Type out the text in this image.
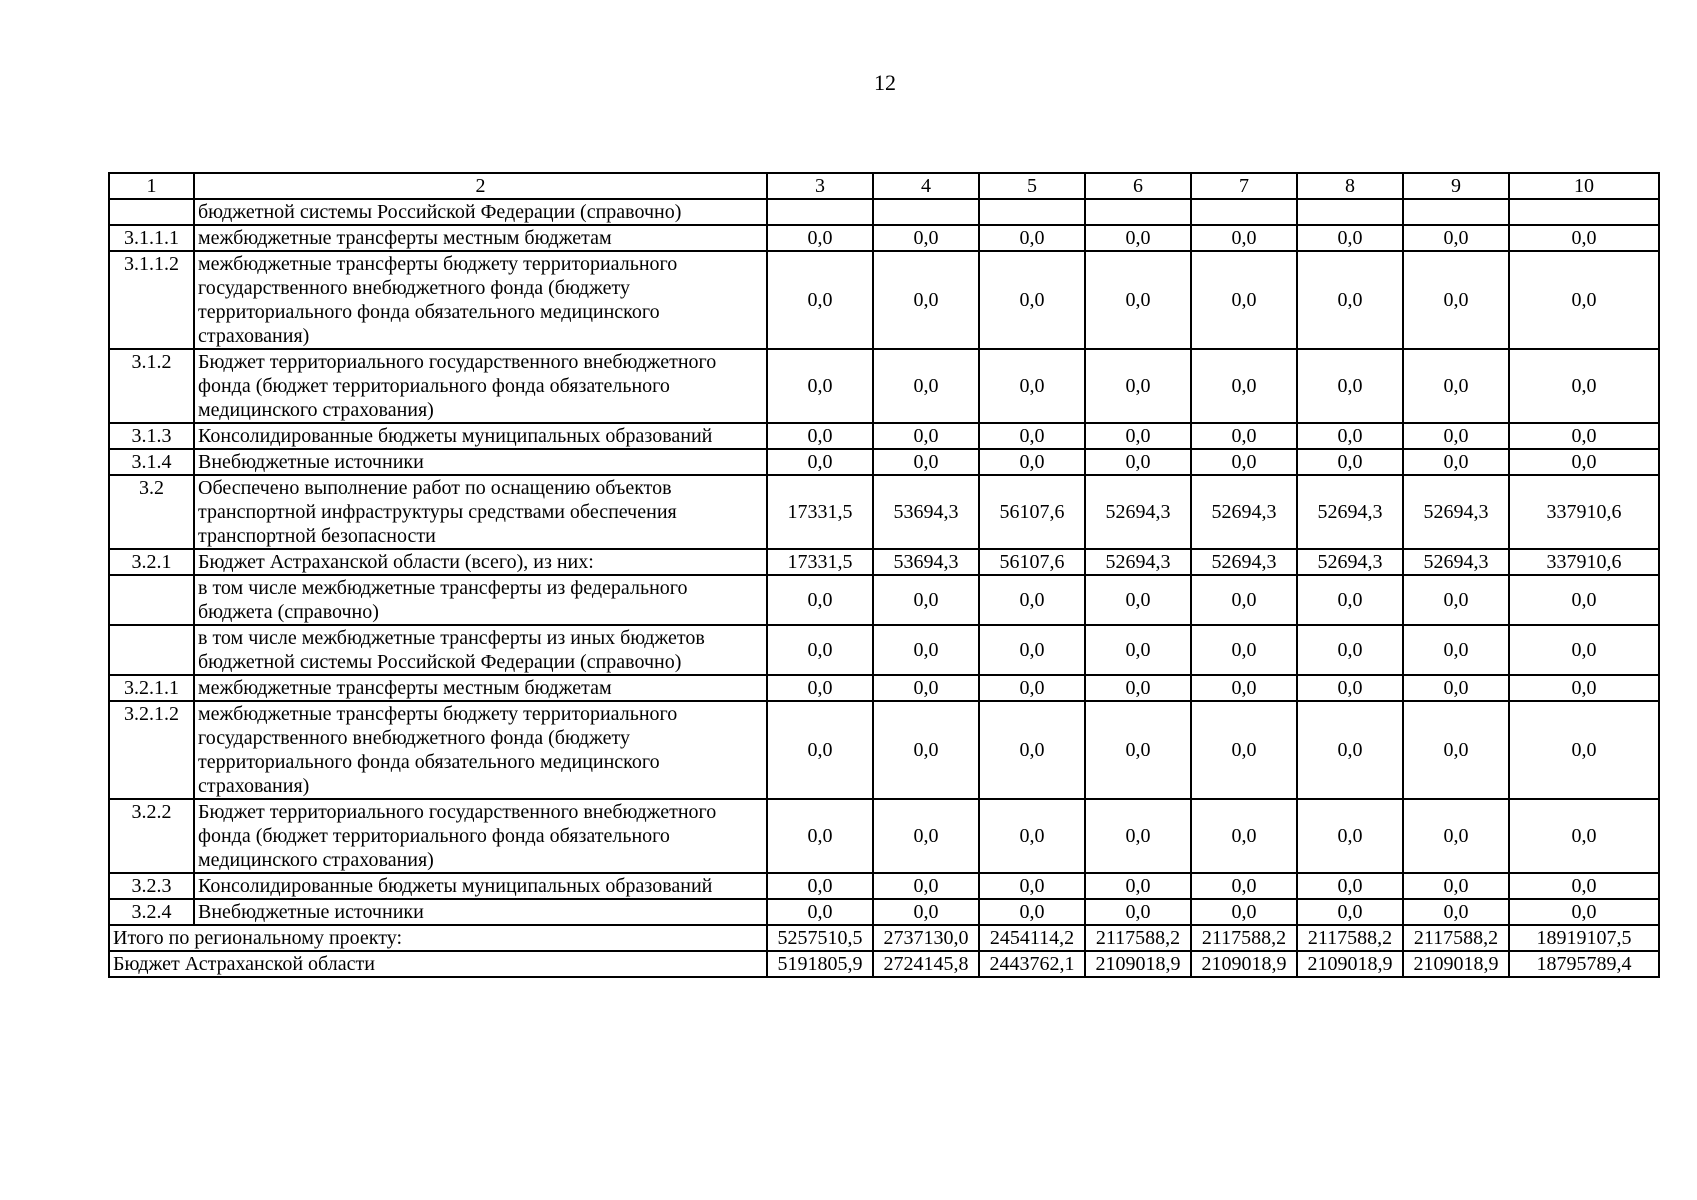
12
1	2	3	4	5	6	7	8	9	10
	бюджетной системы Российской Федерации (справочно)								
3.1.1.1	межбюджетные трансферты местным бюджетам	0,0	0,0	0,0	0,0	0,0	0,0	0,0	0,0
3.1.1.2	межбюджетные трансферты бюджету территориального государственного внебюджетного фонда (бюджету территориального фонда обязательного медицинского страхования)	0,0	0,0	0,0	0,0	0,0	0,0	0,0	0,0
3.1.2	Бюджет территориального государственного внебюджетного фонда (бюджет территориального фонда обязательного медицинского страхования)	0,0	0,0	0,0	0,0	0,0	0,0	0,0	0,0
3.1.3	Консолидированные бюджеты муниципальных образований	0,0	0,0	0,0	0,0	0,0	0,0	0,0	0,0
3.1.4	Внебюджетные источники	0,0	0,0	0,0	0,0	0,0	0,0	0,0	0,0
3.2	Обеспечено выполнение работ по оснащению объектов транспортной инфраструктуры средствами обеспечения транспортной безопасности	17331,5	53694,3	56107,6	52694,3	52694,3	52694,3	52694,3	337910,6
3.2.1	Бюджет Астраханской области (всего), из них:	17331,5	53694,3	56107,6	52694,3	52694,3	52694,3	52694,3	337910,6
	в том числе межбюджетные трансферты из федерального бюджета (справочно)	0,0	0,0	0,0	0,0	0,0	0,0	0,0	0,0
	в том числе межбюджетные трансферты из иных бюджетов бюджетной системы Российской Федерации (справочно)	0,0	0,0	0,0	0,0	0,0	0,0	0,0	0,0
3.2.1.1	межбюджетные трансферты местным бюджетам	0,0	0,0	0,0	0,0	0,0	0,0	0,0	0,0
3.2.1.2	межбюджетные трансферты бюджету территориального государственного внебюджетного фонда (бюджету территориального фонда обязательного медицинского страхования)	0,0	0,0	0,0	0,0	0,0	0,0	0,0	0,0
3.2.2	Бюджет территориального государственного внебюджетного фонда (бюджет территориального фонда обязательного медицинского страхования)	0,0	0,0	0,0	0,0	0,0	0,0	0,0	0,0
3.2.3	Консолидированные бюджеты муниципальных образований	0,0	0,0	0,0	0,0	0,0	0,0	0,0	0,0
3.2.4	Внебюджетные источники	0,0	0,0	0,0	0,0	0,0	0,0	0,0	0,0
Итого по региональному проекту:		5257510,5	2737130,0	2454114,2	2117588,2	2117588,2	2117588,2	2117588,2	18919107,5
Бюджет Астраханской области		5191805,9	2724145,8	2443762,1	2109018,9	2109018,9	2109018,9	2109018,9	18795789,4
